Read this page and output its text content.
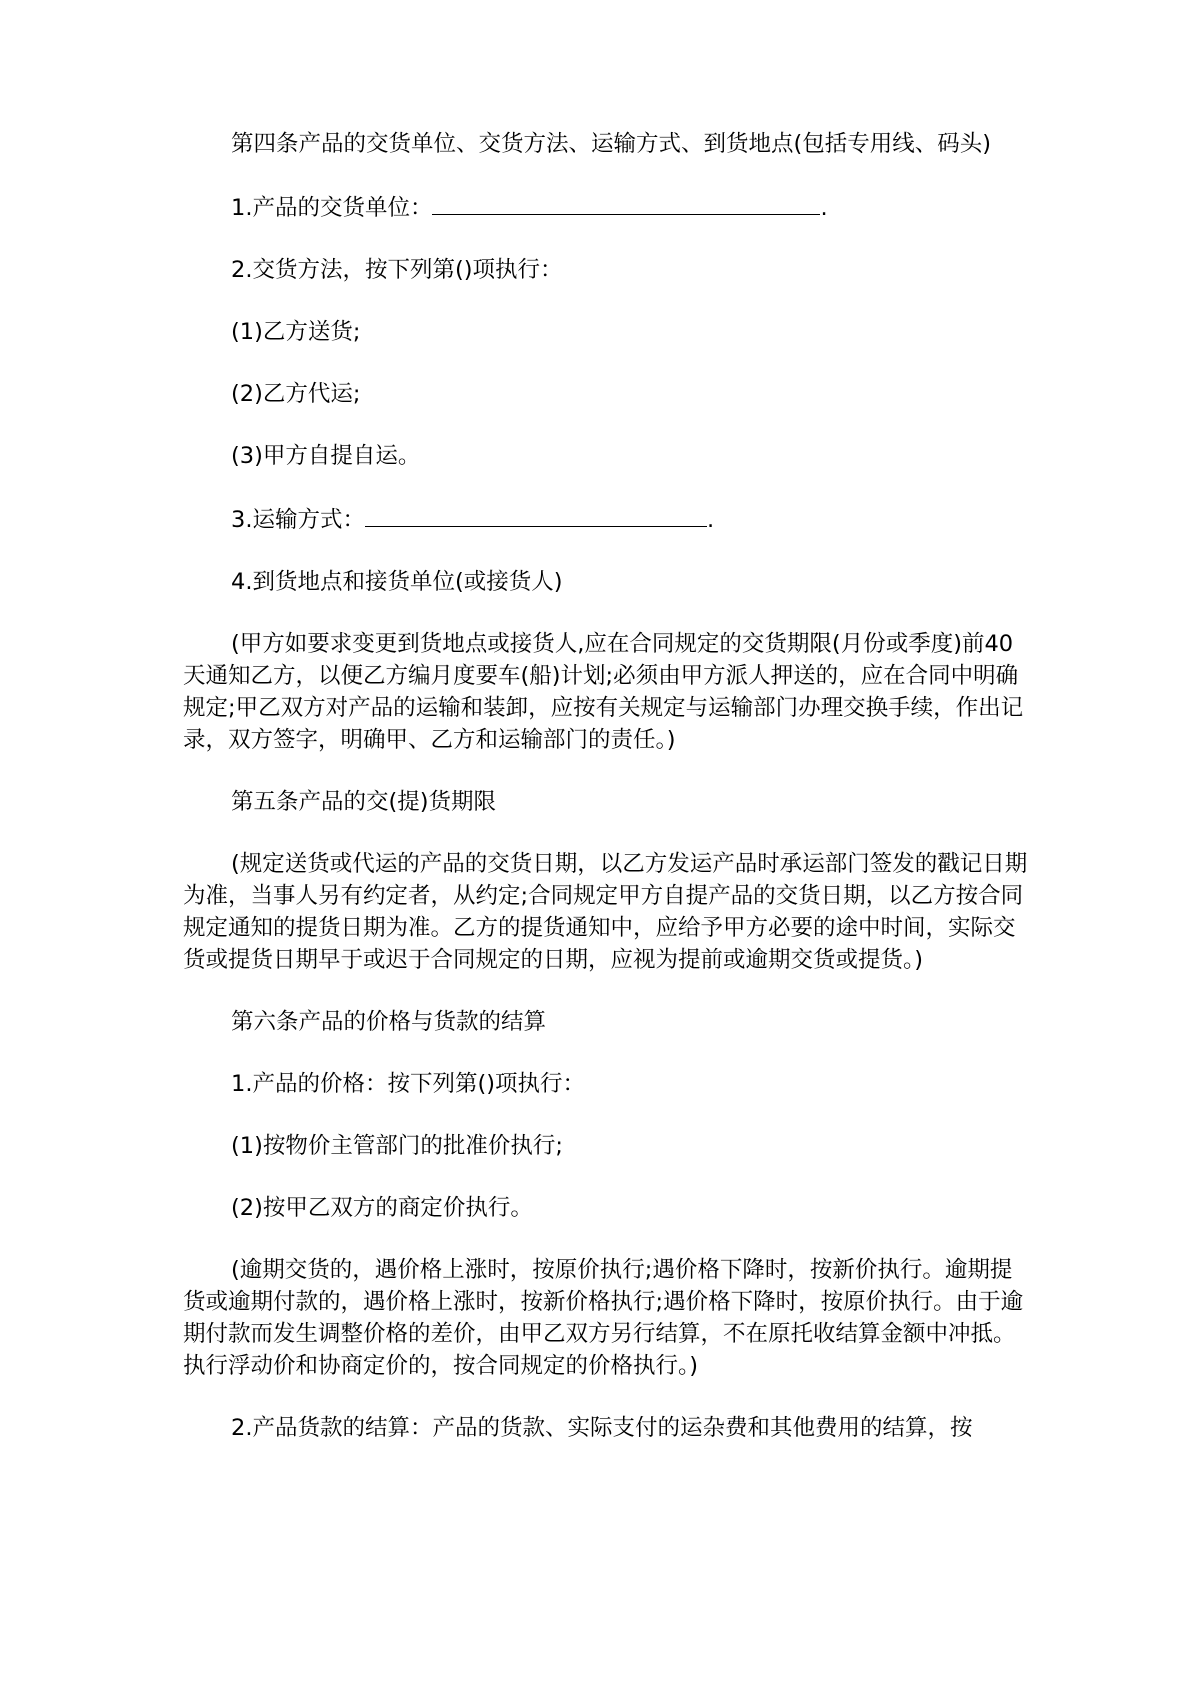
第四条产品的交货单位、交货方法、运输方式、到货地点(包括专用线、码头)

1.产品的交货单位：	.

2.交货方法，按下列第()项执行：

(1)乙方送货;

(2)乙方代运;

(3)甲方自提自运。

3.运输方式：	.

4.到货地点和接货单位(或接货人)

(甲方如要求变更到货地点或接货人,应在合同规定的交货期限(月份或季度)前40天通知乙方，以便乙方编月度要车(船)计划;必须由甲方派人押送的，应在合同中明确规定;甲乙双方对产品的运输和装卸，应按有关规定与运输部门办理交换手续，作出记录，双方签字，明确甲、乙方和运输部门的责任。)

第五条产品的交(提)货期限

(规定送货或代运的产品的交货日期，以乙方发运产品时承运部门签发的戳记日期为准，当事人另有约定者，从约定;合同规定甲方自提产品的交货日期，以乙方按合同规定通知的提货日期为准。乙方的提货通知中，应给予甲方必要的途中时间，实际交货或提货日期早于或迟于合同规定的日期，应视为提前或逾期交货或提货。)

第六条产品的价格与货款的结算

1.产品的价格：按下列第()项执行：

(1)按物价主管部门的批准价执行;

(2)按甲乙双方的商定价执行。

(逾期交货的，遇价格上涨时，按原价执行;遇价格下降时，按新价执行。逾期提货或逾期付款的，遇价格上涨时，按新价格执行;遇价格下降时，按原价执行。由于逾期付款而发生调整价格的差价，由甲乙双方另行结算，不在原托收结算金额中冲抵。执行浮动价和协商定价的，按合同规定的价格执行。)

2.产品货款的结算：产品的货款、实际支付的运杂费和其他费用的结算，按
